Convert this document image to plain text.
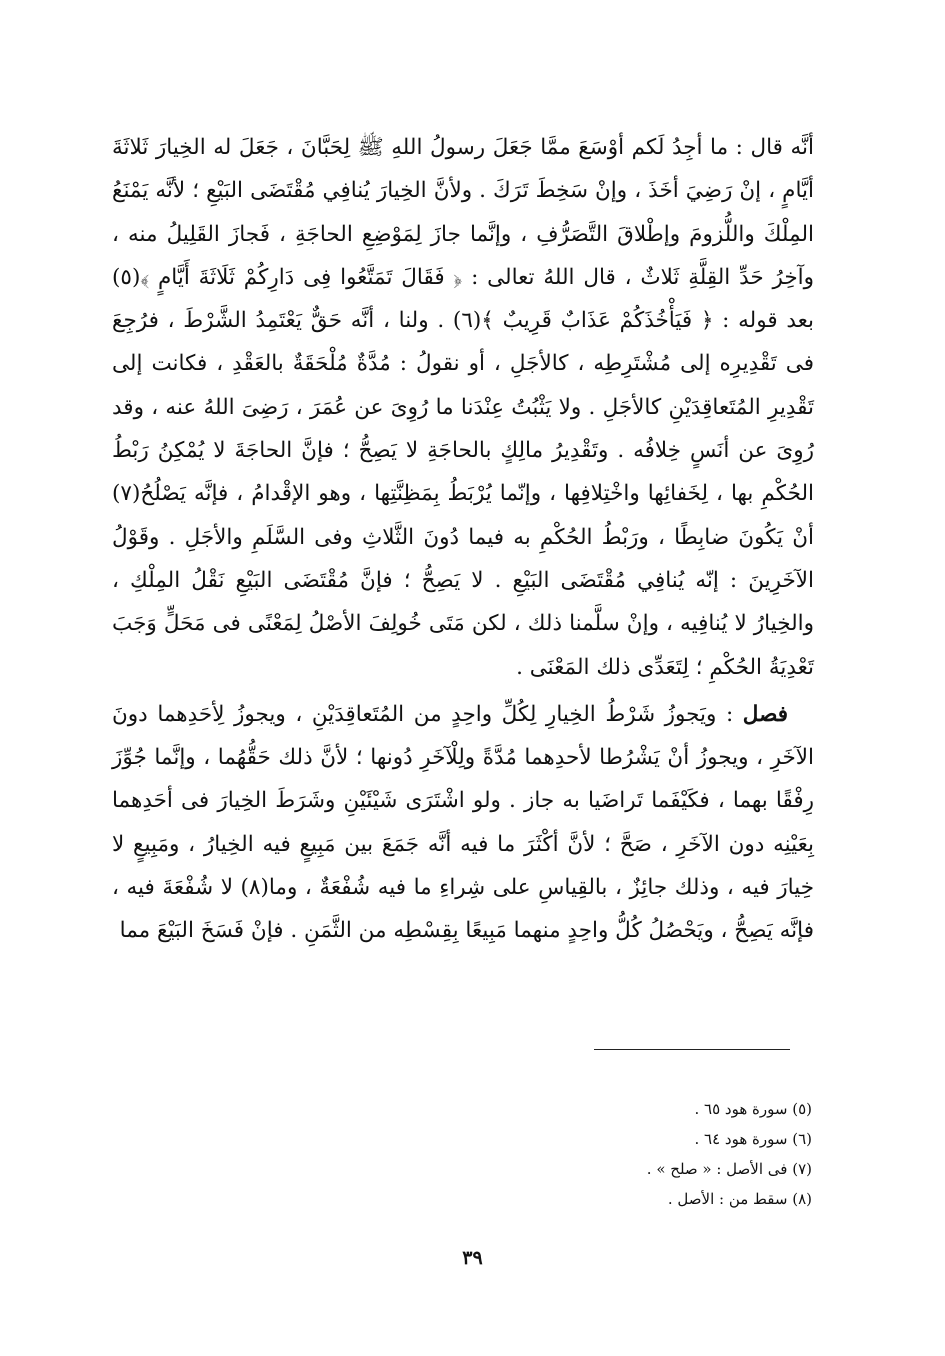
أنَّه قال : ما أجِدُ لَكم أوْسَعَ ممَّا جَعَلَ رسولُ اللهِ ﷺ لِحَبَّانَ ، جَعَلَ له الخِيارَ ثَلاثَةَ أيَّامٍ ، إنْ رَضِيَ أخَذَ ، وإنْ سَخِطَ تَرَكَ . ولأنَّ الخِيارَ يُنافِي مُقْتَضَى البَيْعِ ؛ لأنَّه يَمْنَعُ المِلْكَ واللُّزومَ وإطْلاقَ التَّصَرُّفِ ، وإنَّما جازَ لِمَوْضِعِ الحاجَةِ ، فَجازَ القَلِيلُ منه ، وآخِرُ حَدِّ القِلَّةِ ثَلاثٌ ، قال اللهُ تعالى : ﴿ فَقَالَ تَمَتَّعُوا فِى دَارِكُمْ ثَلَاثَةَ أَيَّامٍ ﴾(٥) بعد قوله : ﴿ فَيَأْخُذَكُمْ عَذَابٌ قَرِيبٌ ﴾(٦) . ولنا ، أنَّه حَقٌّ يَعْتَمِدُ الشَّرْطَ ، فرُجِعَ فى تَقْدِيرِه إلى مُشْتَرِطِه ، كالأجَلِ ، أو نقولُ : مُدَّةٌ مُلْحَقَةٌ بالعَقْدِ ، فكانت إلى تَقْدِيرِ المُتَعاقِدَيْنِ كالأجَلِ . ولا يَثْبُتُ عِنْدَنا ما رُوِىَ عن عُمَرَ ، رَضِىَ اللهُ عنه ، وقد رُوِىَ عن أنَسٍ خِلافُه . وتَقْدِيرُ مالِكٍ بالحاجَةِ لا يَصِحُّ ؛ فإنَّ الحاجَةَ لا يُمْكِنُ رَبْطُ الحُكْمِ بها ، لِخَفائِها واخْتِلافِها ، وإنّما يُرْبَطُ بِمَظِنَّتِها ، وهو الإقْدامُ ، فإنَّه يَصْلُحُ(٧) أنْ يَكُونَ ضابِطًا ، ورَبْطُ الحُكْمِ به فيما دُونَ الثَّلاثِ وفى السَّلَمِ والأجَلِ . وقَوْلُ الآخَرِينَ : إنّه يُنافِي مُقْتَضَى البَيْعِ . لا يَصِحُّ ؛ فإنَّ مُقْتَضَى البَيْعِ نَقْلُ المِلْكِ ، والخِيارُ لا يُنافِيه ، وإنْ سلَّمنا ذلك ، لكن مَتَى خُولِفَ الأصْلُ لِمَعْنًى فى مَحَلٍّ وَجَبَ تَعْدِيَةُ الحُكْمِ ؛ لِتَعَدِّى ذلك المَعْنَى .

فصل : ويَجوزُ شَرْطُ الخِيارِ لِكُلِّ واحِدٍ من المُتَعاقِدَيْنِ ، ويجوزُ لِأحَدِهما دونَ الآخَرِ ، ويجوزُ أنْ يَشْرُطا لأحدِهما مُدَّةً ولِلْآخَرِ دُونها ؛ لأنَّ ذلك حَقُّهُما ، وإنَّما جُوِّزَ رِفْقًا بهما ، فكَيْفَما تَراضَيا به جاز . ولو اشْتَرَى شَيْئَيْنِ وشَرَطَ الخِيارَ فى أحَدِهما بِعَيْنِه دون الآخَرِ ، صَحَّ ؛ لأنَّ أكْثَرَ ما فيه أنَّه جَمَعَ بين مَبِيعٍ فيه الخِيارُ ، ومَبِيعٍ لا خِيارَ فيه ، وذلك جائِزٌ ، بالقِياسِ على شِراءِ ما فيه شُفْعَةٌ ، وما(٨) لا شُفْعَةَ فيه ، فإنَّه يَصِحُّ ، ويَحْصُلُ كُلُّ واحِدٍ منهما مَبِيعًا بِقِسْطِه من الثَّمَنِ . فإنْ فَسَخَ البَيْعَ مما

(٥) سورة هود ٦٥ .
(٦) سورة هود ٦٤ .
(٧) فى الأصل : « صلح » .
(٨) سقط من : الأصل .
٣٩
